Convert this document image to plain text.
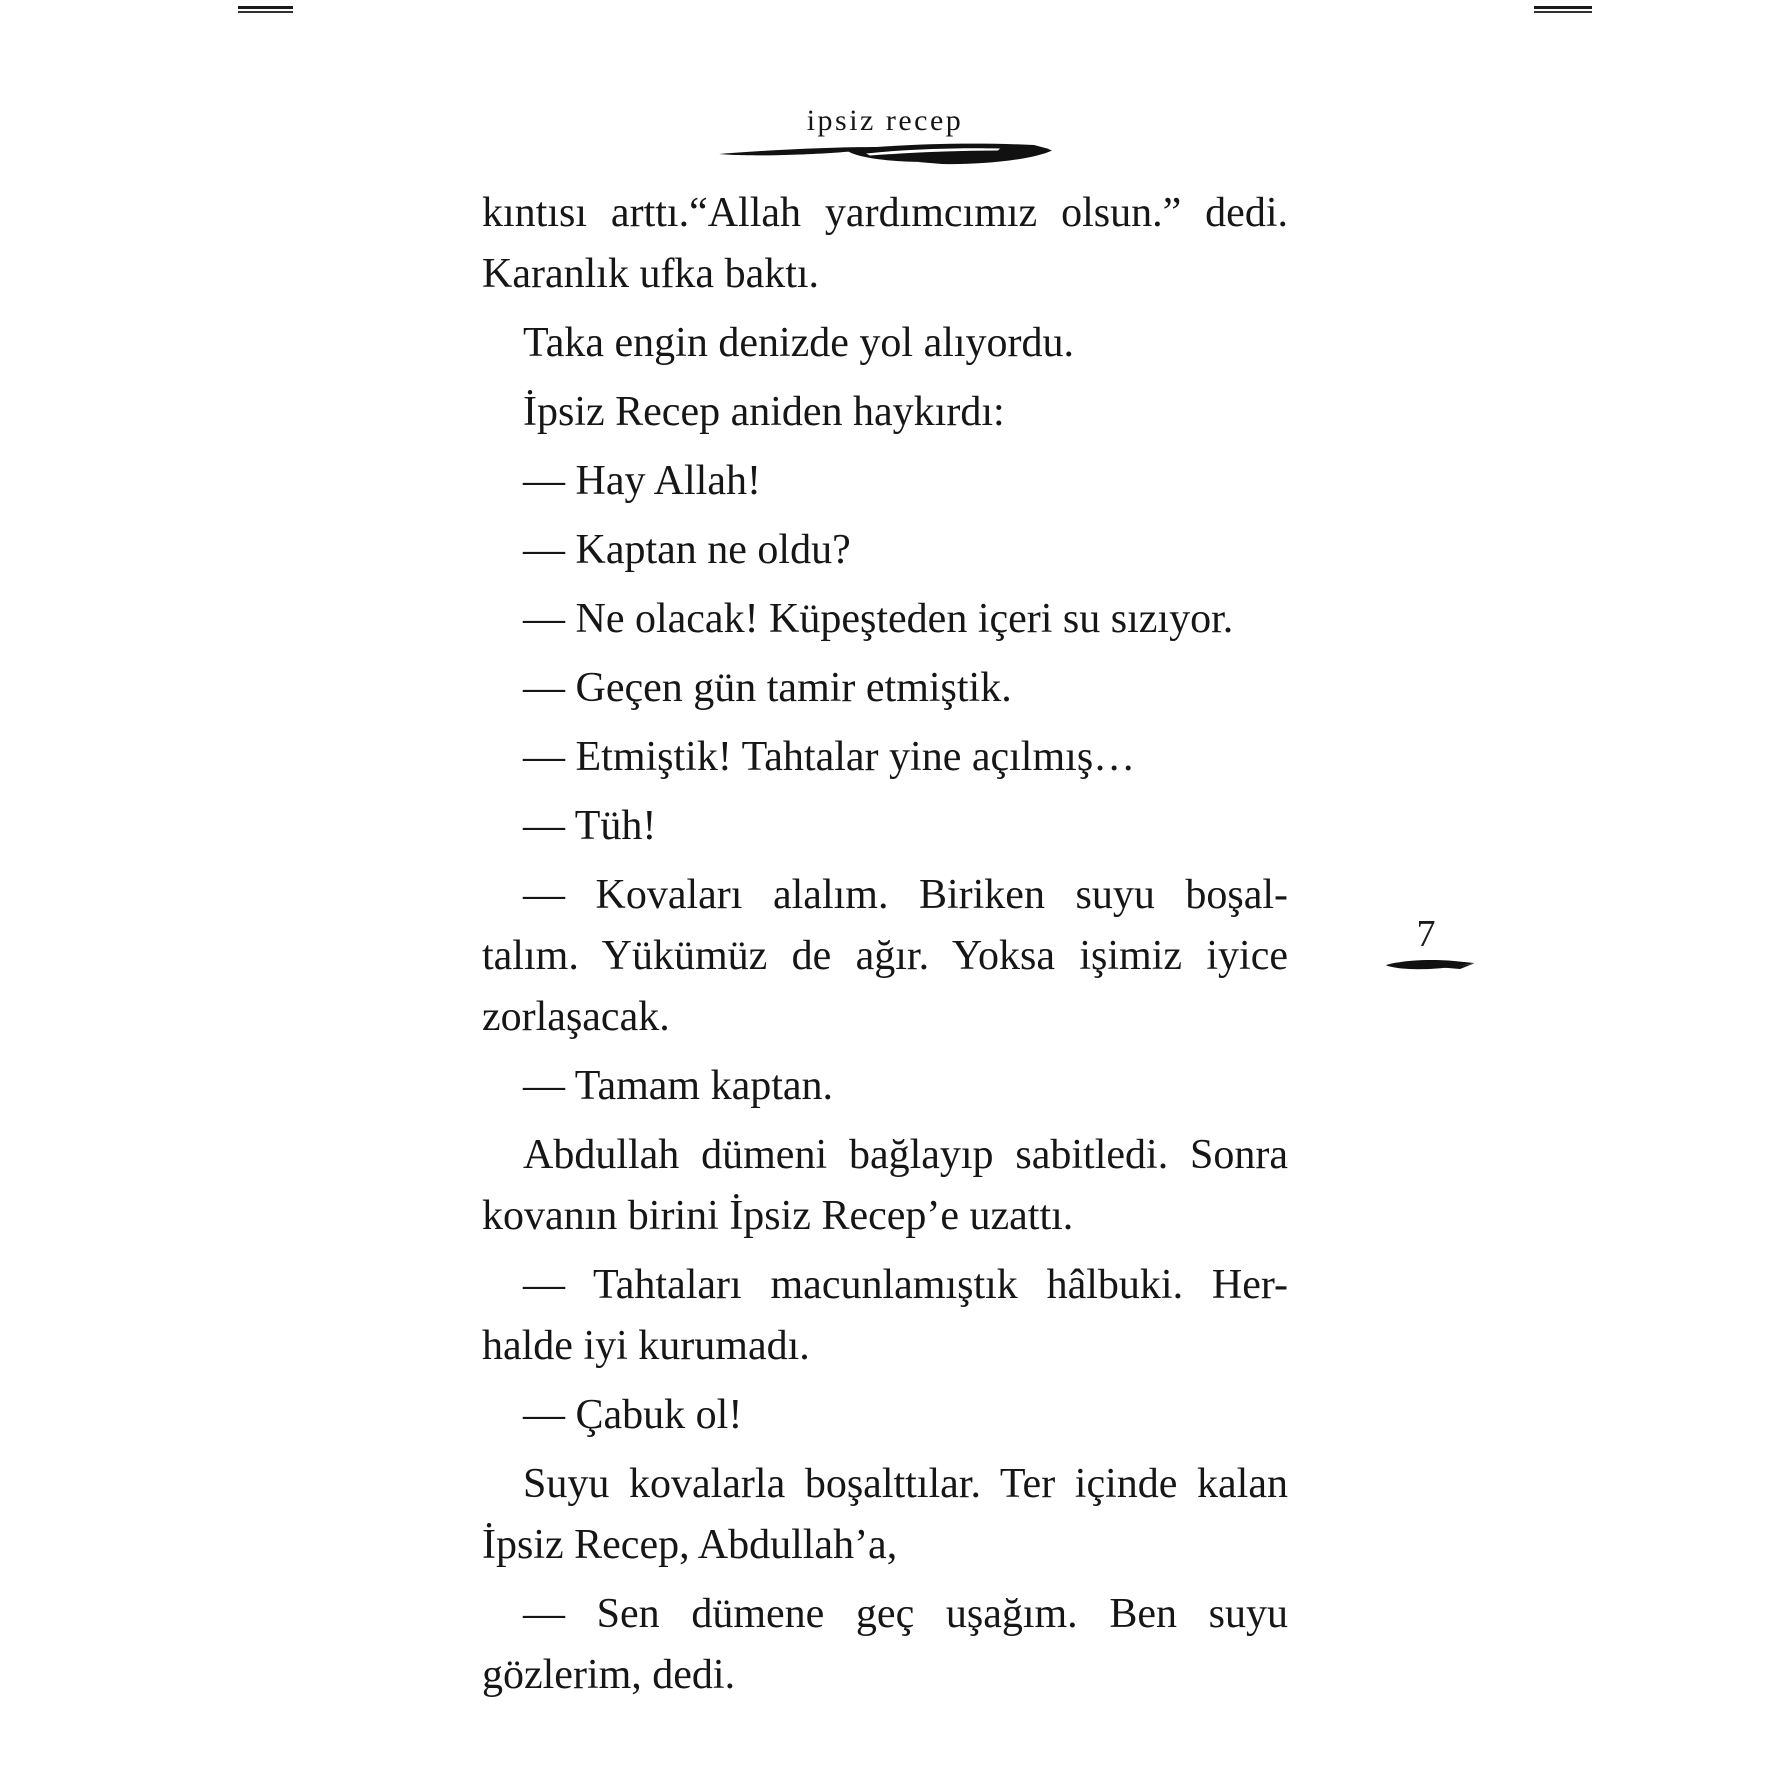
ipsiz recep
kıntısı arttı.“Allah yardımcımız olsun.” dedi.
Karanlık ufka baktı.
Taka engin denizde yol alıyordu.
İpsiz Recep aniden haykırdı:
— Hay Allah!
— Kaptan ne oldu?
— Ne olacak! Küpeşteden içeri su sızıyor.
— Geçen gün tamir etmiştik.
— Etmiştik! Tahtalar yine açılmış…
— Tüh!
— Kovaları alalım. Biriken suyu boşal-
talım. Yükümüz de ağır. Yoksa işimiz iyice
zorlaşacak.
— Tamam kaptan.
Abdullah dümeni bağlayıp sabitledi. Sonra
kovanın birini İpsiz Recep’e uzattı.
— Tahtaları macunlamıştık hâlbuki. Her-
halde iyi kurumadı.
— Çabuk ol!
Suyu kovalarla boşalttılar. Ter içinde kalan
İpsiz Recep, Abdullah’a,
— Sen dümene geç uşağım. Ben suyu
gözlerim, dedi.
7
